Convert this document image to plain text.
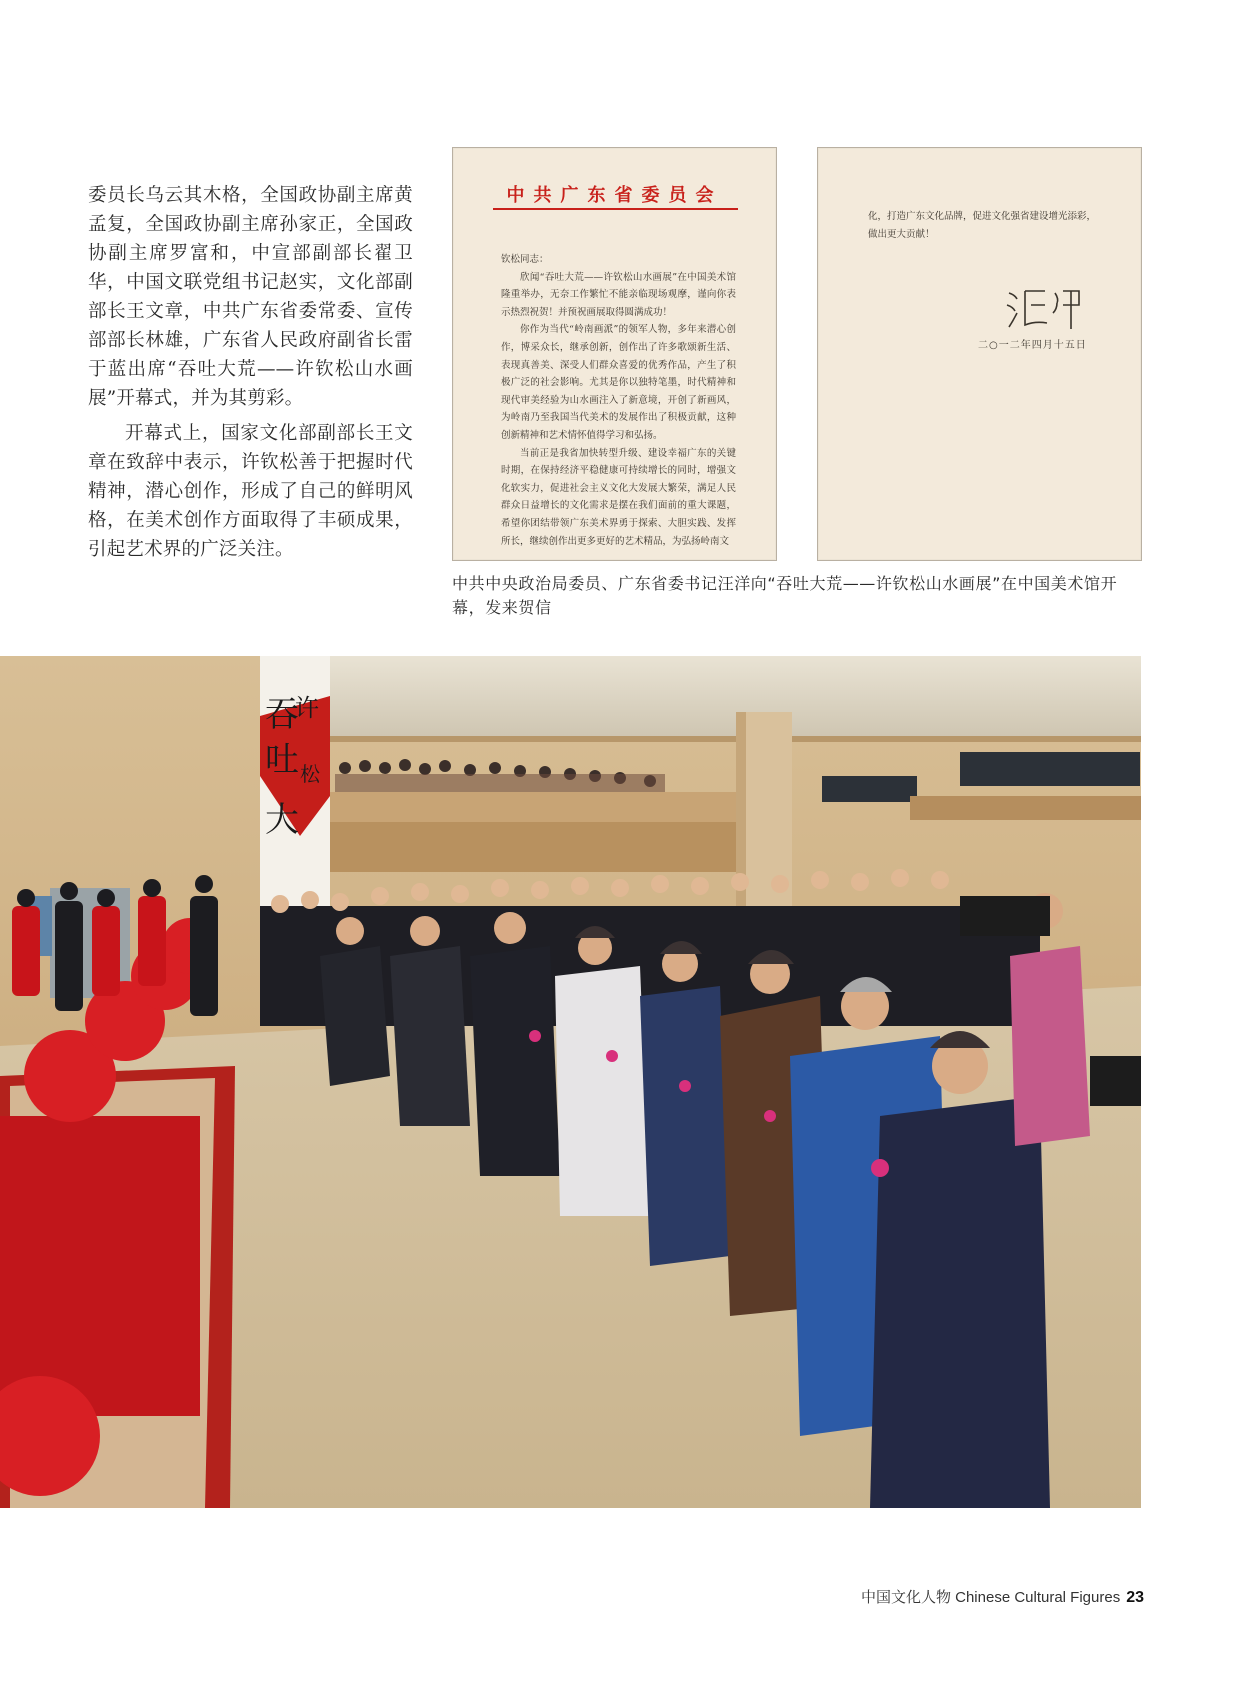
委员长乌云其木格，全国政协副主席黄孟复，全国政协副主席孙家正，全国政协副主席罗富和，中宣部副部长翟卫华，中国文联党组书记赵实，文化部副部长王文章，中共广东省委常委、宣传部部长林雄，广东省人民政府副省长雷于蓝出席“吞吐大荒——许钦松山水画展”开幕式，并为其剪彩。

开幕式上，国家文化部副部长王文章在致辞中表示，许钦松善于把握时代精神，潜心创作，形成了自己的鲜明风格，在美术创作方面取得了丰硕成果，引起艺术界的广泛关注。

中共广东省委员会

钦松同志：

欣闻“吞吐大荒——许钦松山水画展”在中国美术馆隆重举办，无奈工作繁忙不能亲临现场观摩，谨向你表示热烈祝贺！并预祝画展取得圆满成功！

你作为当代“岭南画派”的领军人物，多年来潜心创作，博采众长，继承创新，创作出了许多歌颂新生活、表现真善美、深受人们群众喜爱的优秀作品，产生了积极广泛的社会影响。尤其是你以独特笔墨，时代精神和现代审美经验为山水画注入了新意境，开创了新画风，为岭南乃至我国当代美术的发展作出了积极贡献，这种创新精神和艺术情怀值得学习和弘扬。

当前正是我省加快转型升级、建设幸福广东的关键时期，在保持经济平稳健康可持续增长的同时，增强文化软实力，促进社会主义文化大发展大繁荣，满足人民群众日益增长的文化需求是摆在我们面前的重大课题，希望你团结带领广东美术界勇于探索、大胆实践、发挥所长，继续创作出更多更好的艺术精品，为弘扬岭南文

化，打造广东文化品牌，促进文化强省建设增光添彩，做出更大贡献！
二○一二年四月十五日
中共中央政治局委员、广东省委书记汪洋向“吞吐大荒——许钦松山水画展”在中国美术馆开幕，发来贺信
吞
吐
大
许
松
中国文化人物 Chinese Cultural Figures 23
